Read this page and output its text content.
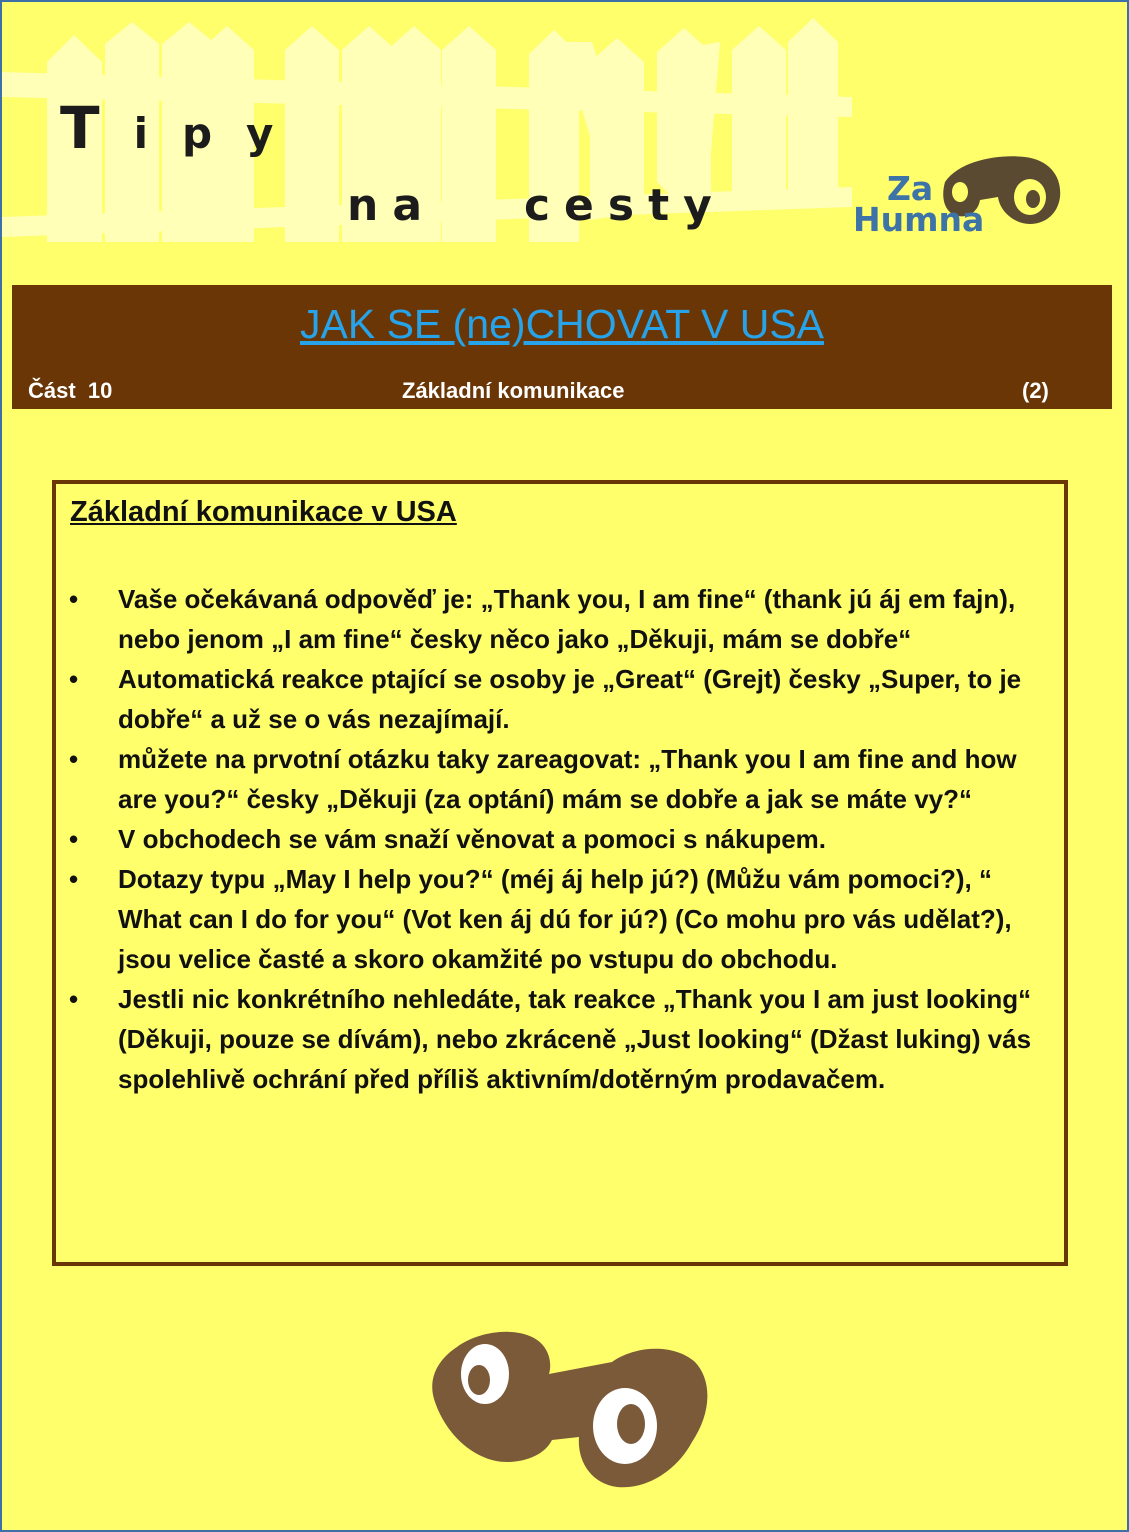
Tipy
na   cesty	Za
Humna
JAK SE (ne)CHOVAT V USA
Část  10	Základní komunikace	(2)
Základní komunikace v USA
• Vaše očekávaná odpověď je: „Thank you, I am fine“ (thank jú áj em fajn), nebo jenom „I am fine“ česky něco jako „Děkuji, mám se dobře“
• Automatická reakce ptající se osoby je „Great“ (Grejt) česky „Super, to je dobře“ a už se o vás nezajímají.
• můžete na prvotní otázku taky zareagovat: „Thank you I am fine and how are you?“ česky „Děkuji (za optání) mám se dobře a jak se máte vy?“
• V obchodech se vám snaží věnovat a pomoci s nákupem.
• Dotazy typu „May I help you?“ (méj áj help jú?) (Můžu vám pomoci?), “ What can I do for you“ (Vot ken áj dú for jú?) (Co mohu pro vás udělat?), jsou velice časté a skoro okamžité po vstupu do obchodu.
• Jestli nic konkrétního nehledáte, tak reakce „Thank you I am just looking“ (Děkuji, pouze se dívám), nebo zkráceně „Just looking“ (Džast luking) vás spolehlivě ochrání před příliš aktivním/dotěrným prodavačem.
